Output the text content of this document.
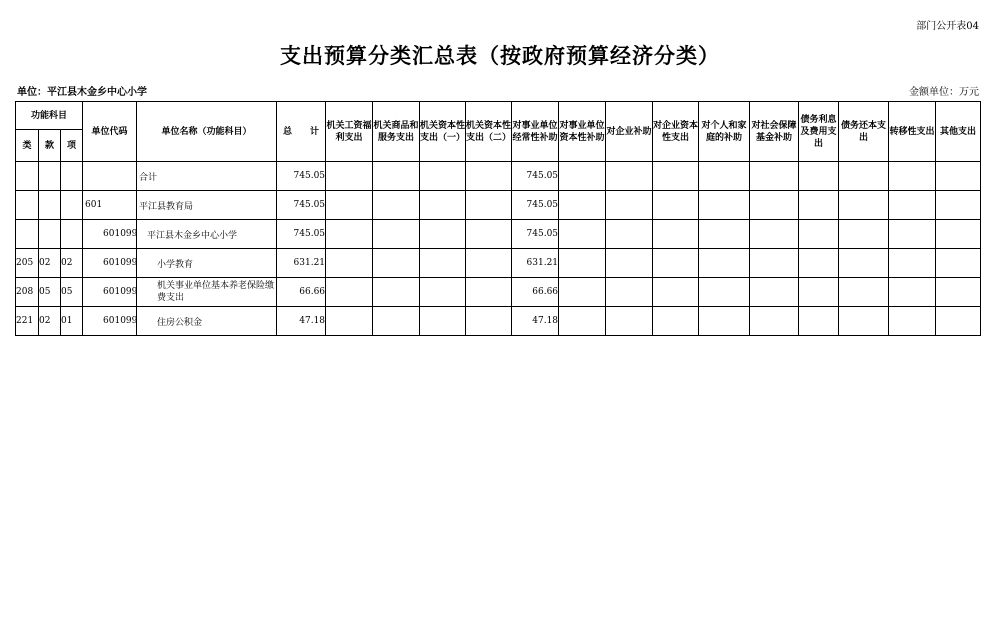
部门公开表04
支出预算分类汇总表（按政府预算经济分类）
单位：平江县木金乡中心小学	金额单位：万元
功能科目			单位代码	单位名称（功能科目）	总　　计	机关工资福利支出	机关商品和服务支出	机关资本性支出（一）	机关资本性支出（二）	对事业单位经常性补助	对事业单位资本性补助	对企业补助	对企业资本性支出	对个人和家庭的补助	对社会保障基金补助	债务利息及费用支出	债务还本支出	转移性支出	其他支出
类	款	项																	
				合计	745.05					745.05									
			601	平江县教育局	745.05					745.05									
			601099	平江县木金乡中心小学	745.05					745.05									
205	02	02	601099	小学教育	631.21					631.21									
208	05	05	601099	机关事业单位基本养老保险缴费支出	66.66					66.66									
221	02	01	601099	住房公积金	47.18					47.18									
